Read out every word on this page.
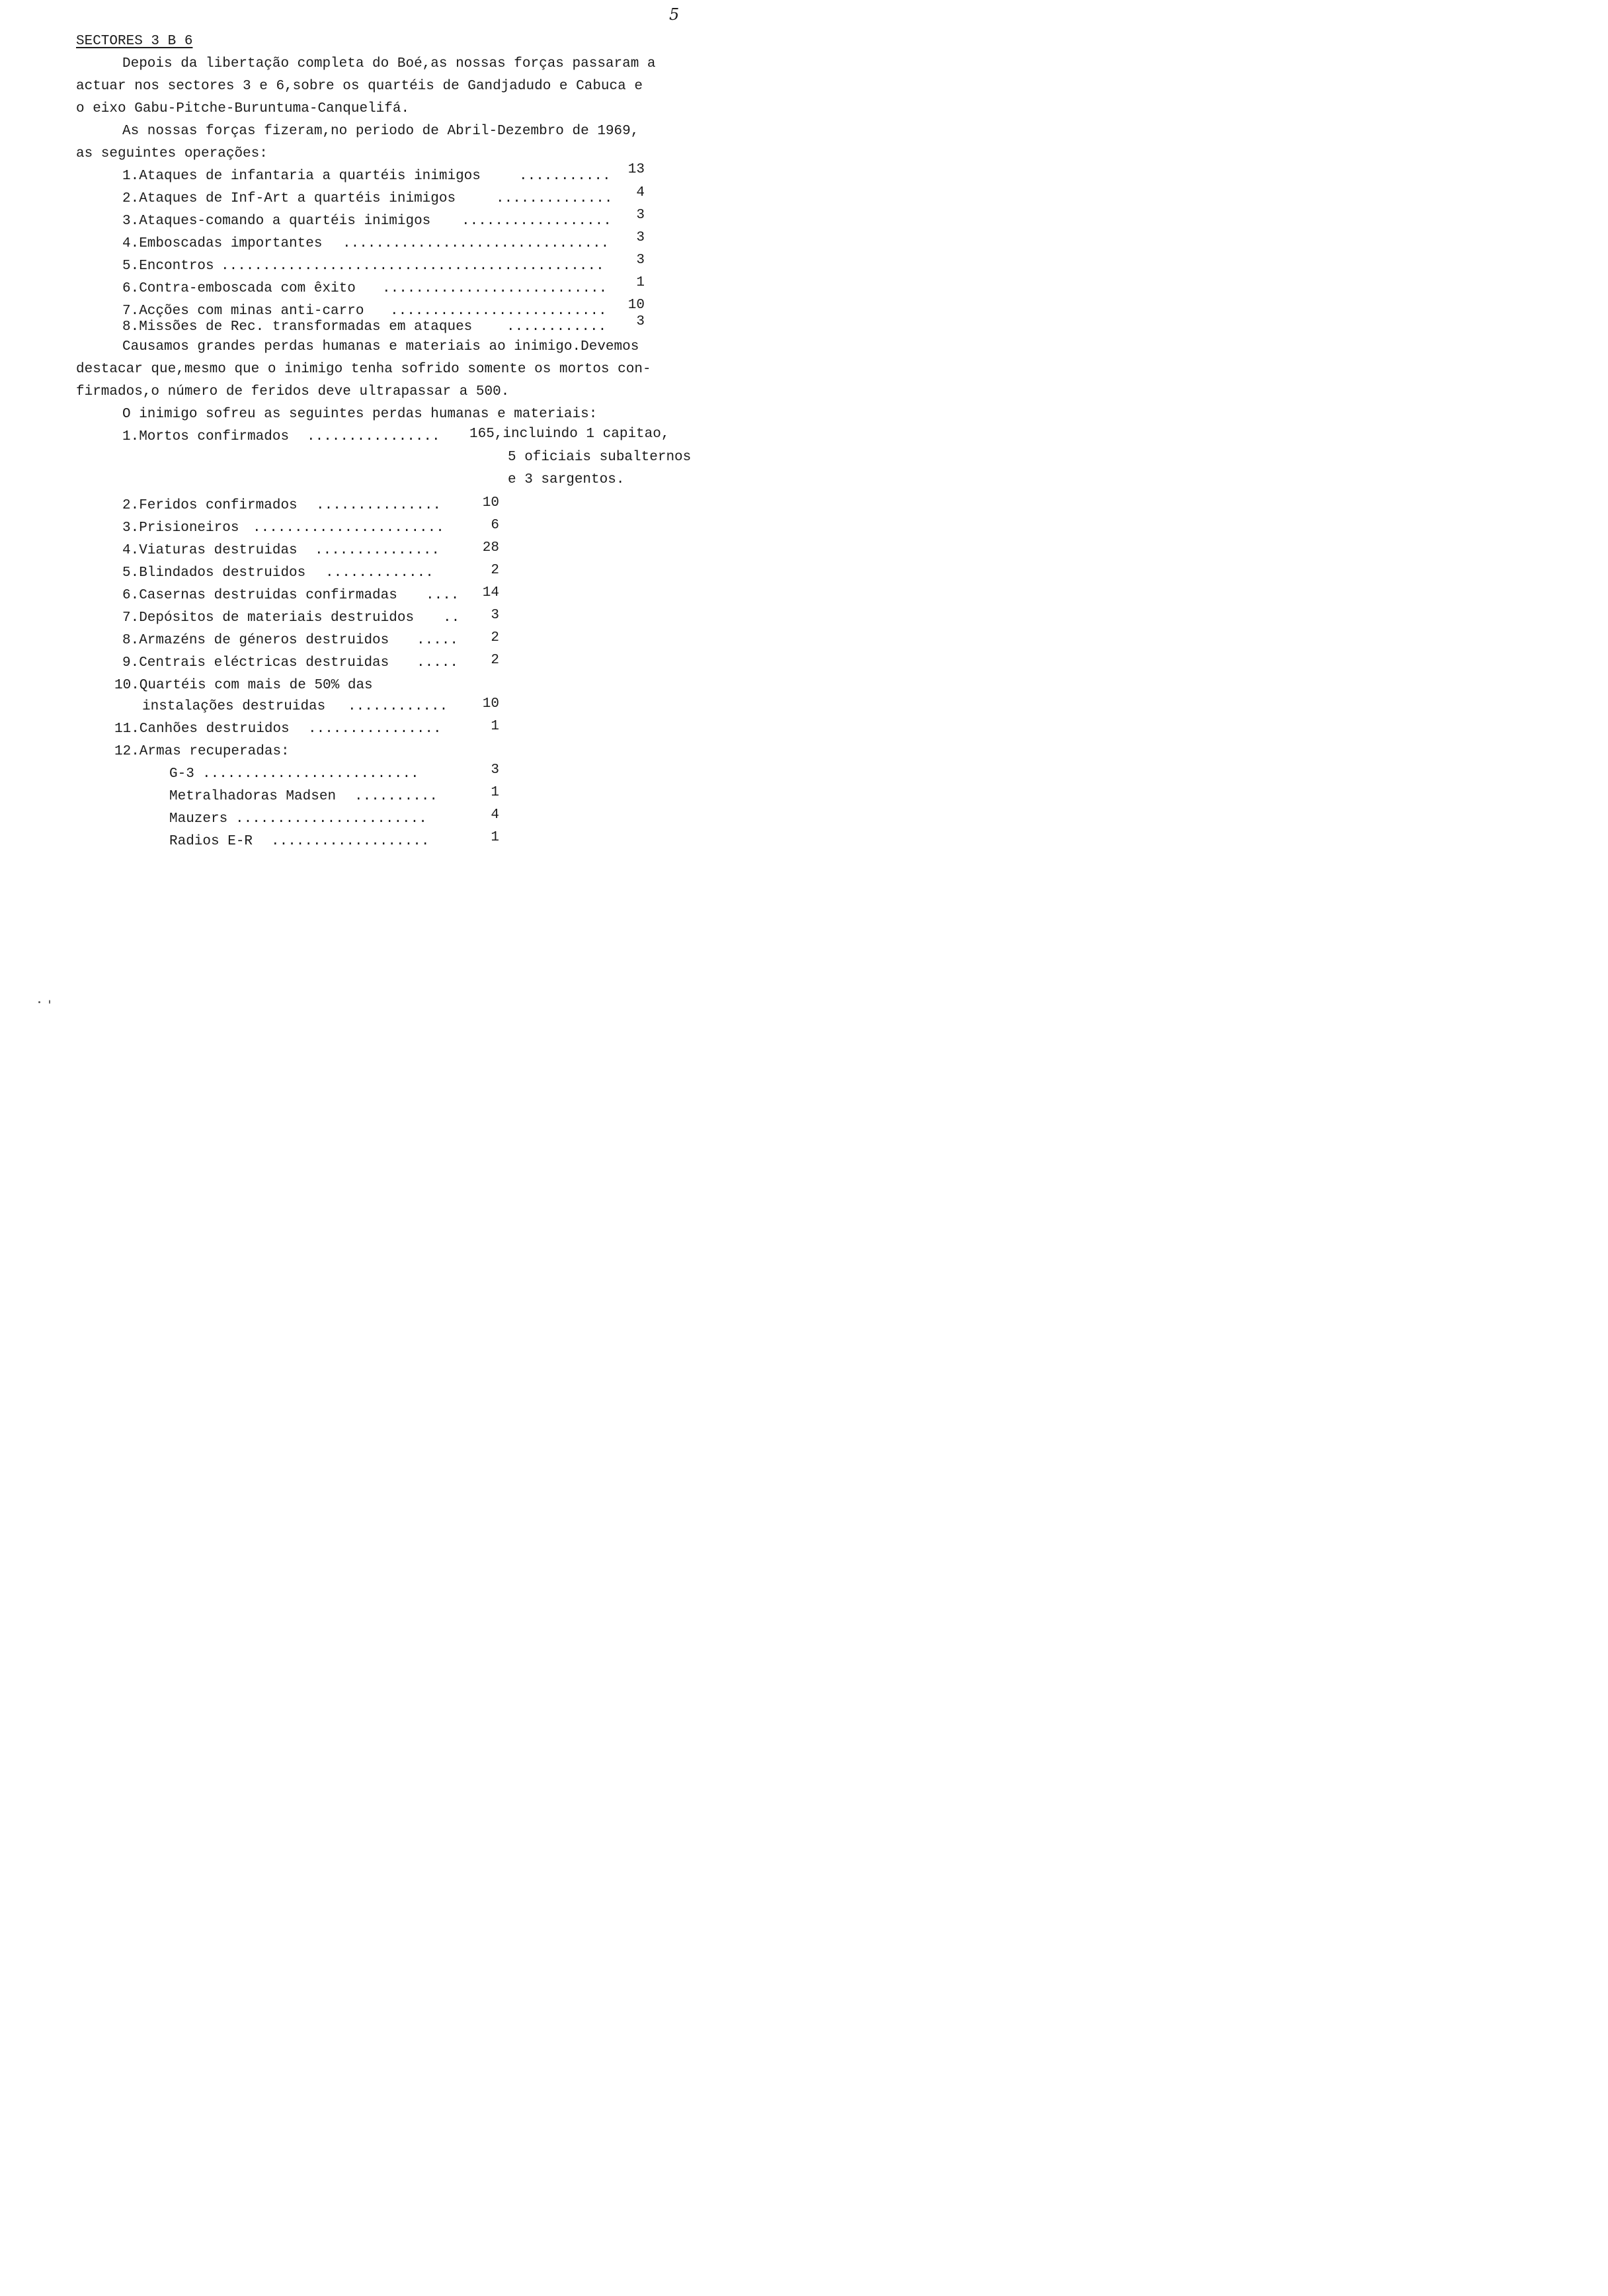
5
SECTORES 3 B 6
Depois da libertação completa do Boé,as nossas forças passaram a
actuar nos sectores 3 e 6,sobre os quartéis de Gandjadudo e Cabuca e
o eixo Gabu-Pitche-Buruntuma-Canquelifá.
As nossas forças fizeram,no periodo de Abril-Dezembro de 1969,
as seguintes operações:
1.Ataques de infantaria a quartéis inimigos	...........	13
2.Ataques de Inf-Art a quartéis inimigos	..............	4
3.Ataques-comando a quartéis inimigos ..................	3
4.Emboscadas importantes ................................	3
5.Encontros ..............................................	3
6.Contra-emboscada com êxito ...........................	1
7.Acções com minas anti-carro ..........................	10
8.Missões de Rec. transformadas em ataques ............	3
Causamos grandes perdas humanas e materiais ao inimigo.Devemos
destacar que,mesmo que o inimigo tenha sofrido somente os mortos con-
firmados,o número de feridos deve ultrapassar a 500.
O inimigo sofreu as seguintes perdas humanas e materiais:
1.Mortos confirmados ................	165,incluindo 1 capitao,
5 oficiais subalternos
e 3 sargentos.
2.Feridos confirmados ...............	10
3.Prisioneiros .......................	6
4.Viaturas destruidas ...............	28
5.Blindados destruidos .............	2
6.Casernas destruidas confirmadas ....	14
7.Depósitos de materiais destruidos ..	3
8.Armazéns de géneros destruidos .....	2
9.Centrais eléctricas destruidas .....	2
10.Quartéis com mais de 50% das
instalações destruidas ............	10
11.Canhões destruidos ................	1
12.Armas recuperadas:
G-3 ..........................	3
Metralhadoras Madsen ..........	1
Mauzers .......................	4
Radios E-R ...................	1
